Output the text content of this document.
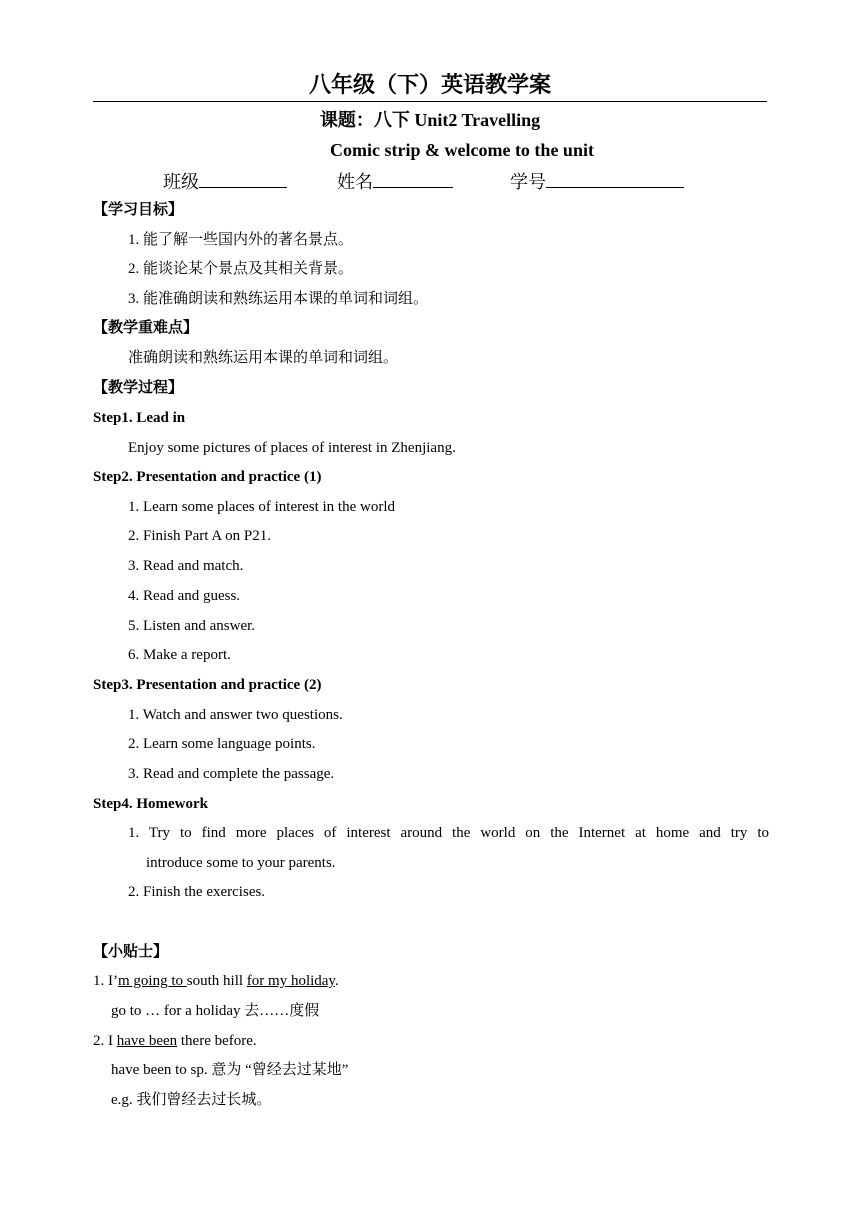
八年级（下）英语教学案
课题：八下 Unit2 Travelling
Comic strip & welcome to the unit
班级	姓名	学号
【学习目标】
1. 能了解一些国内外的著名景点。
2. 能谈论某个景点及其相关背景。
3. 能准确朗读和熟练运用本课的单词和词组。
【教学重难点】
准确朗读和熟练运用本课的单词和词组。
【教学过程】
Step1. Lead in
Enjoy some pictures of places of interest in Zhenjiang.
Step2. Presentation and practice (1)
1. Learn some places of interest in the world
2. Finish Part A on P21.
3. Read and match.
4. Read and guess.
5. Listen and answer.
6. Make a report.
Step3. Presentation and practice (2)
1. Watch and answer two questions.
2. Learn some language points.
3. Read and complete the passage.
Step4. Homework
1. Try to find more places of interest around the world on the Internet at home and try to
introduce some to your parents.
2. Finish the exercises.
【小贴士】
1. I’m going to south hill for my holiday.
go to … for a holiday 去……度假
2. I have been there before.
have been to sp. 意为 “曾经去过某地”
e.g. 我们曾经去过长城。
